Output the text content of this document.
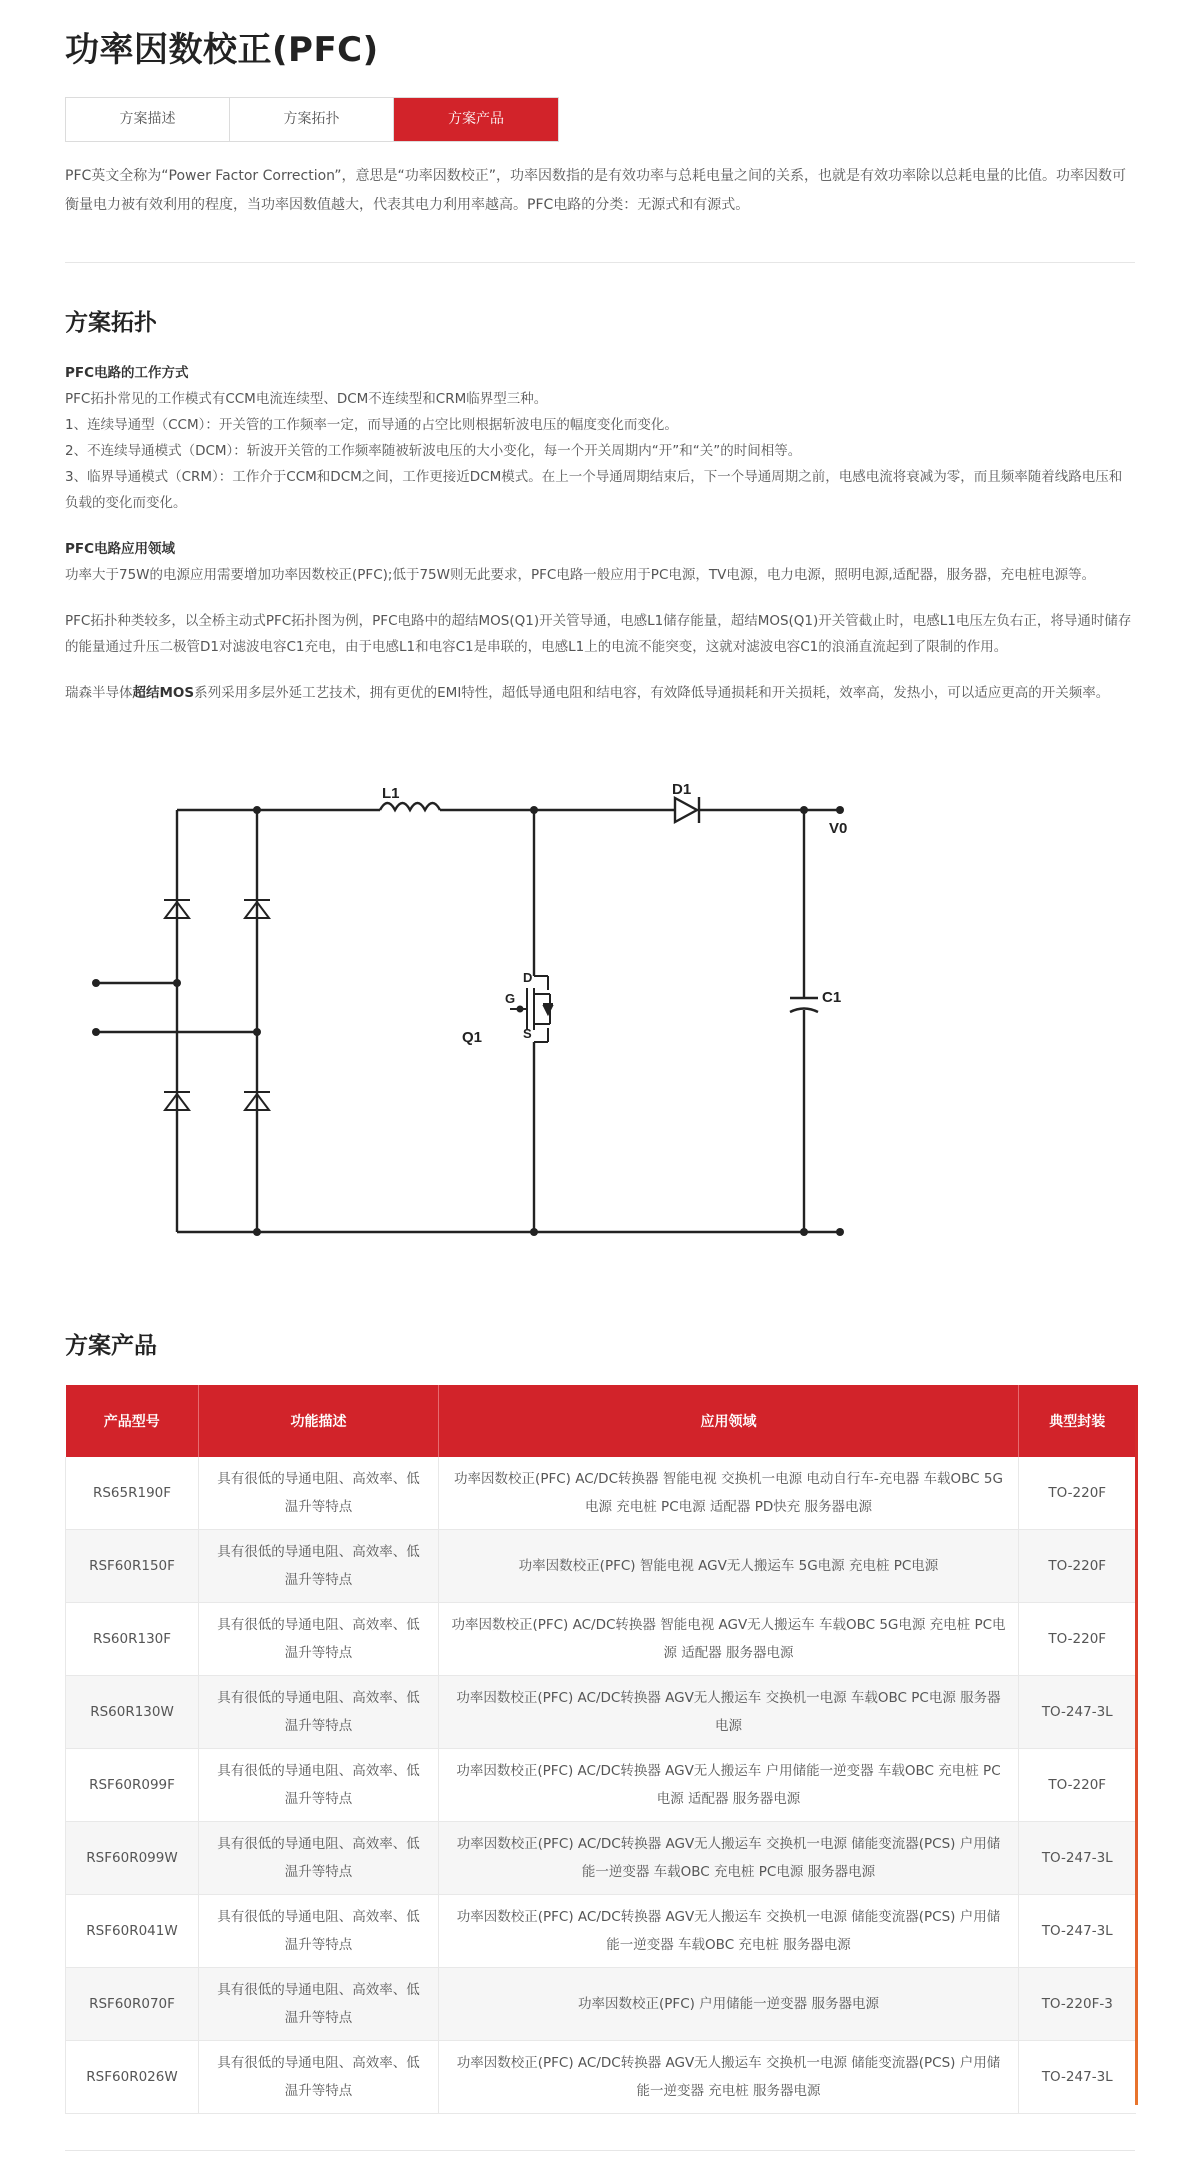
功率因数校正(PFC)
方案描述	方案拓扑	方案产品

PFC英文全称为“Power Factor Correction”，意思是“功率因数校正”，功率因数指的是有效功率与总耗电量之间的关系，也就是有效功率除以总耗电量的比值。功率因数可衡量电力被有效利用的程度，当功率因数值越大，代表其电力利用率越高。PFC电路的分类：无源式和有源式。

方案拓扑
PFC电路的工作方式
PFC拓扑常见的工作模式有CCM电流连续型、DCM不连续型和CRM临界型三种。
1、连续导通型（CCM）：开关管的工作频率一定，而导通的占空比则根据斩波电压的幅度变化而变化。
2、不连续导通模式（DCM）：斩波开关管的工作频率随被斩波电压的大小变化，每一个开关周期内“开”和“关”的时间相等。
3、临界导通模式（CRM）：工作介于CCM和DCM之间，工作更接近DCM模式。在上一个导通周期结束后，下一个导通周期之前，电感电流将衰减为零，而且频率随着线路电压和负载的变化而变化。
PFC电路应用领域
功率大于75W的电源应用需要增加功率因数校正(PFC);低于75W则无此要求，PFC电路一般应用于PC电源，TV电源，电力电源，照明电源,适配器，服务器，充电桩电源等。
PFC拓扑种类较多，以全桥主动式PFC拓扑图为例，PFC电路中的超结MOS(Q1)开关管导通，电感L1储存能量，超结MOS(Q1)开关管截止时，电感L1电压左负右正，将导通时储存的能量通过升压二极管D1对滤波电容C1充电，由于电感L1和电容C1是串联的，电感L1上的电流不能突变，这就对滤波电容C1的浪涌直流起到了限制的作用。
瑞森半导体超结MOS系列采用多层外延工艺技术，拥有更优的EMI特性，超低导通电阻和结电容，有效降低导通损耗和开关损耗，效率高，发热小，可以适应更高的开关频率。
L1	D1
V0
C1
Q1
G
D
S
方案产品
产品型号	功能描述	应用领域	典型封装
RS65R190F	具有很低的导通电阻、高效率、低温升等特点	功率因数校正(PFC) AC/DC转换器 智能电视 交换机一电源 电动自行车-充电器 车载OBC 5G电源 充电桩 PC电源 适配器 PD快充 服务器电源	TO-220F
RSF60R150F	具有很低的导通电阻、高效率、低温升等特点	功率因数校正(PFC) 智能电视 AGV无人搬运车 5G电源 充电桩 PC电源	TO-220F
RS60R130F	具有很低的导通电阻、高效率、低温升等特点	功率因数校正(PFC) AC/DC转换器 智能电视 AGV无人搬运车 车载OBC 5G电源 充电桩 PC电源 适配器 服务器电源	TO-220F
RS60R130W	具有很低的导通电阻、高效率、低温升等特点	功率因数校正(PFC) AC/DC转换器 AGV无人搬运车 交换机一电源 车载OBC PC电源 服务器电源	TO-247-3L
RSF60R099F	具有很低的导通电阻、高效率、低温升等特点	功率因数校正(PFC) AC/DC转换器 AGV无人搬运车 户用储能一逆变器 车载OBC 充电桩 PC电源 适配器 服务器电源	TO-220F
RSF60R099W	具有很低的导通电阻、高效率、低温升等特点	功率因数校正(PFC) AC/DC转换器 AGV无人搬运车 交换机一电源 储能变流器(PCS) 户用储能一逆变器 车载OBC 充电桩 PC电源 服务器电源	TO-247-3L
RSF60R041W	具有很低的导通电阻、高效率、低温升等特点	功率因数校正(PFC) AC/DC转换器 AGV无人搬运车 交换机一电源 储能变流器(PCS) 户用储能一逆变器 车载OBC 充电桩 服务器电源	TO-247-3L
RSF60R070F	具有很低的导通电阻、高效率、低温升等特点	功率因数校正(PFC) 户用储能一逆变器 服务器电源	TO-220F-3
RSF60R026W	具有很低的导通电阻、高效率、低温升等特点	功率因数校正(PFC) AC/DC转换器 AGV无人搬运车 交换机一电源 储能变流器(PCS) 户用储能一逆变器 充电桩 服务器电源	TO-247-3L
